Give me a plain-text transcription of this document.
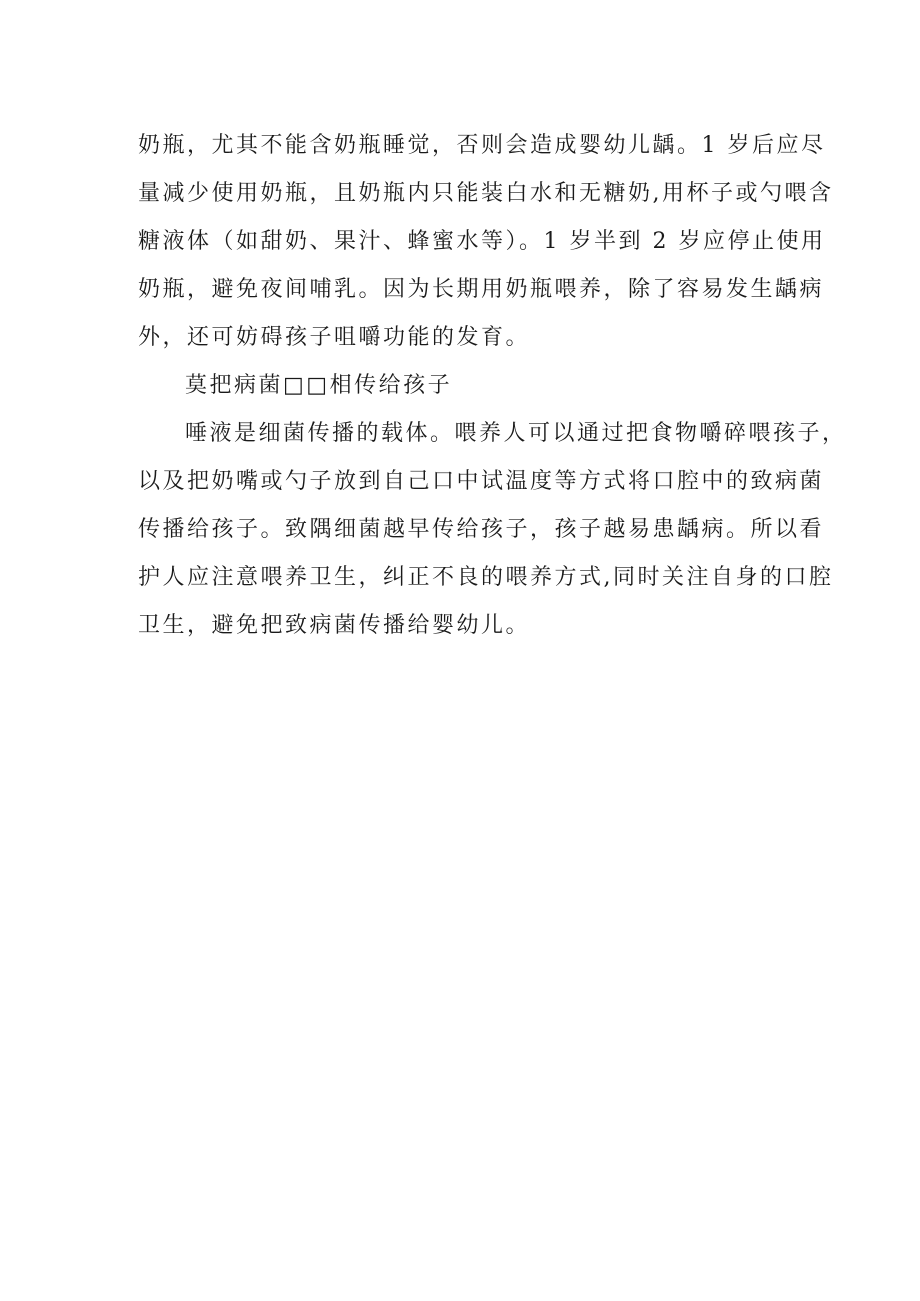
奶瓶，尤其不能含奶瓶睡觉，否则会造成婴幼儿龋。1 岁后应尽
量减少使用奶瓶，且奶瓶内只能装白水和无糖奶,用杯子或勺喂含
糖液体（如甜奶、果汁、蜂蜜水等）。1 岁半到 2 岁应停止使用
奶瓶，避免夜间哺乳。因为长期用奶瓶喂养，除了容易发生龋病
外，还可妨碍孩子咀嚼功能的发育。
莫把病菌□□相传给孩子
唾液是细菌传播的载体。喂养人可以通过把食物嚼碎喂孩子，
以及把奶嘴或勺子放到自己口中试温度等方式将口腔中的致病菌
传播给孩子。致隅细菌越早传给孩子，孩子越易患龋病。所以看
护人应注意喂养卫生，纠正不良的喂养方式,同时关注自身的口腔
卫生，避免把致病菌传播给婴幼儿。
